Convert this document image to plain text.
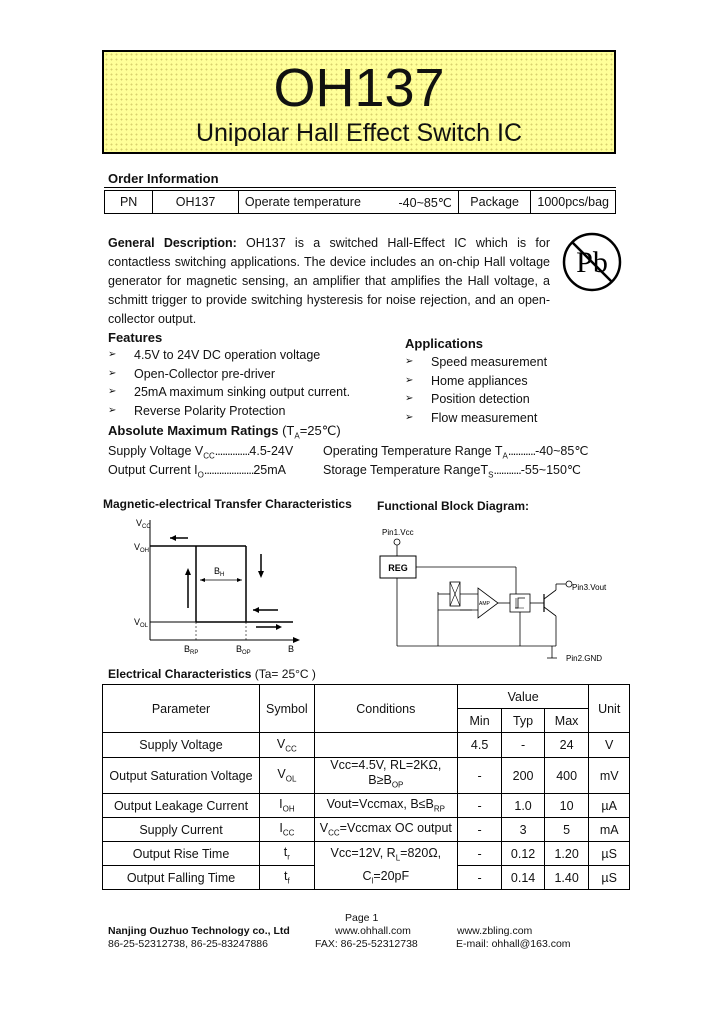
OH137
Unipolar Hall Effect Switch IC
Order Information
PN	OH137	Operate temperature	-40~85℃	Package	1000pcs/bag
General Description: OH137 is a switched Hall-Effect IC which is for contactless switching applications. The device includes an on-chip Hall voltage generator for magnetic sensing, an amplifier that amplifies the Hall voltage, a schmitt trigger to provide switching hysteresis for noise rejection, and an open-collector output.
Pb
Features
➢ 4.5V to 24V DC operation voltage
➢ Open-Collector pre-driver
➢ 25mA maximum sinking output current.
➢ Reverse Polarity Protection
Applications
➢ Speed measurement
➢ Home appliances
➢ Position detection
➢ Flow measurement
Absolute Maximum Ratings $(T_A=25℃)$
Supply Voltage $V_{CC}..............4.5-24V$
Output Current $I_O....................25mA$
Operating Temperature Range $T_A...........-40\sim 85℃$
Storage Temperature RangeT$_S$...........-55~150℃
Magnetic-electrical Transfer Characteristics
$V_{CC}$
$V_{OH}$
$V_{OL}$
$B_H$
$B_{RP}$	$B_{OP}$	B
Functional Block Diagram:
Pin1.Vcc
REG
AMP
Pin3.Vout
Pin2.GND
Electrical Characteristics (Ta= 25°C )
Parameter	Symbol	Conditions	Value			Unit
			Min	Typ	Max	
Supply Voltage	$V_{CC}$		4.5	-	24	V
Output Saturation Voltage	$V_{OL}$	Vcc=4.5V, RL=2KΩ,
$B\ge B_{OP}$	-	200	400	mV
Output Leakage Current	$I_{OH}$	Vout=Vccmax, $B\le B_{RP}$	-	1.0	10	µA
Supply Current	$I_{CC}$	$V_{CC}=Vccmax$ OC output	-	3	5	mA
Output Rise Time	$t_r$	Vcc=12V, $R_L=820\Omega$,	-	0.12	1.20	µS
Output Falling Time	$t_f$	$C_l=20pF$	-	0.14	1.40	µS
Page 1
Nanjing Ouzhuo Technology co., Ltd	www.ohhall.com	www.zbling.com
86-25-52312738, 86-25-83247886	FAX: 86-25-52312738	E-mail: ohhall@163.com
